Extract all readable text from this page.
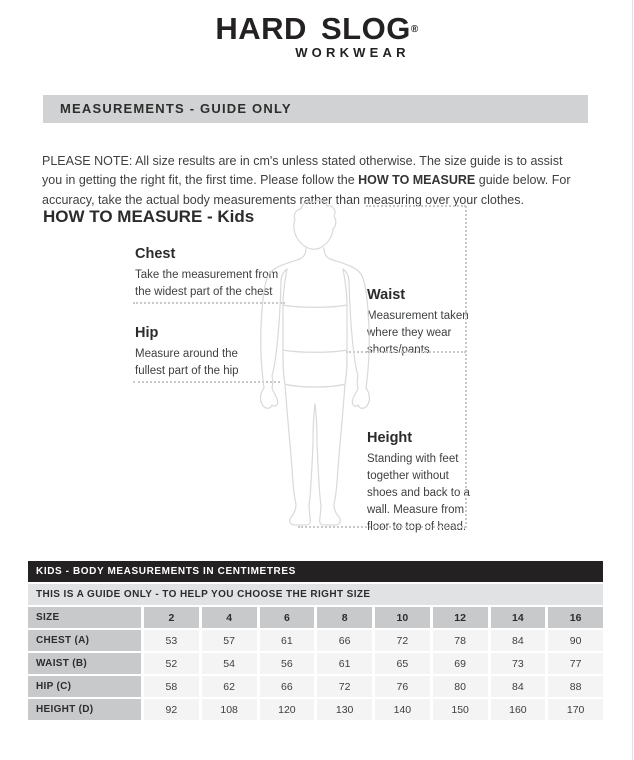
HARD SLOG®
WORKWEAR
MEASUREMENTS - GUIDE ONLY

PLEASE NOTE: All size results are in cm's unless stated otherwise. The size guide is to assist you in getting the right fit, the first time. Please follow the HOW TO MEASURE guide below. For accuracy, take the actual body measurements rather than measuring over your clothes.

HOW TO MEASURE - Kids
Chest

Take the measurement from the widest part of the chest

Hip

Measure around the fullest part of the hip

Waist

Measurement taken where they wear shorts/pants

Height

Standing with feet together without shoes and back to a wall. Measure from floor to top of head.

KIDS - BODY MEASUREMENTS IN CENTIMETRES								
THIS IS A GUIDE ONLY - TO HELP YOU CHOOSE THE RIGHT SIZE								
SIZE	2	4	6	8	10	12	14	16
CHEST (A)	53	57	61	66	72	78	84	90
WAIST (B)	52	54	56	61	65	69	73	77
HIP (C)	58	62	66	72	76	80	84	88
HEIGHT (D)	92	108	120	130	140	150	160	170
